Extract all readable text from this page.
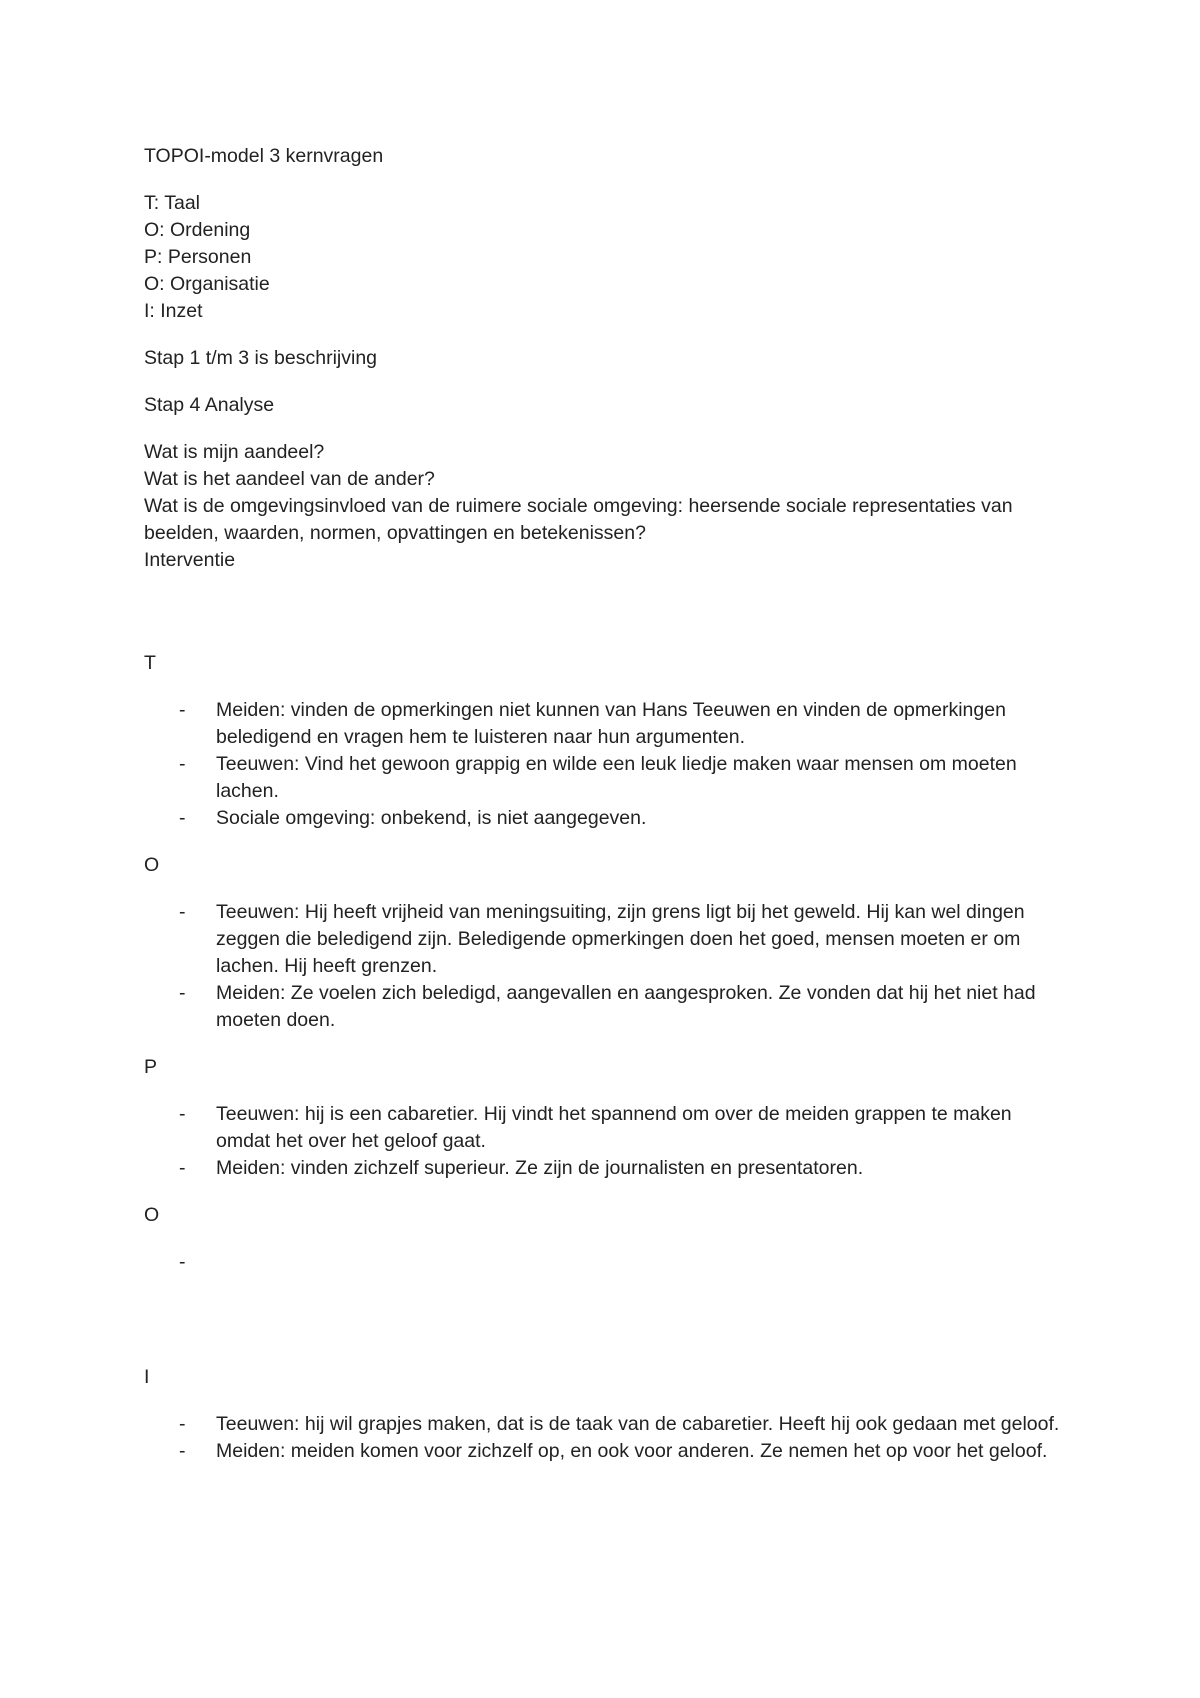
TOPOI-model 3 kernvragen
T: Taal
O: Ordening
P: Personen
O: Organisatie
I: Inzet
Stap 1 t/m 3 is beschrijving
Stap 4 Analyse
Wat is mijn aandeel?
Wat is het aandeel van de ander?
Wat is de omgevingsinvloed van de ruimere sociale omgeving: heersende sociale representaties van beelden, waarden, normen, opvattingen en betekenissen?
Interventie
T
- Meiden: vinden de opmerkingen niet kunnen van Hans Teeuwen en vinden de opmerkingen beledigend en vragen hem te luisteren naar hun argumenten.
- Teeuwen: Vind het gewoon grappig en wilde een leuk liedje maken waar mensen om moeten lachen.
- Sociale omgeving: onbekend, is niet aangegeven.
O
- Teeuwen: Hij heeft vrijheid van meningsuiting, zijn grens ligt bij het geweld. Hij kan wel dingen zeggen die beledigend zijn. Beledigende opmerkingen doen het goed, mensen moeten er om lachen. Hij heeft grenzen.
- Meiden: Ze voelen zich beledigd, aangevallen en aangesproken. Ze vonden dat hij het niet had moeten doen.
P
- Teeuwen: hij is een cabaretier. Hij vindt het spannend om over de meiden grappen te maken omdat het over het geloof gaat.
- Meiden: vinden zichzelf superieur. Ze zijn de journalisten en presentatoren.
O
-
I
- Teeuwen: hij wil grapjes maken, dat is de taak van de cabaretier. Heeft hij ook gedaan met geloof.
- Meiden: meiden komen voor zichzelf op, en ook voor anderen. Ze nemen het op voor het geloof.
